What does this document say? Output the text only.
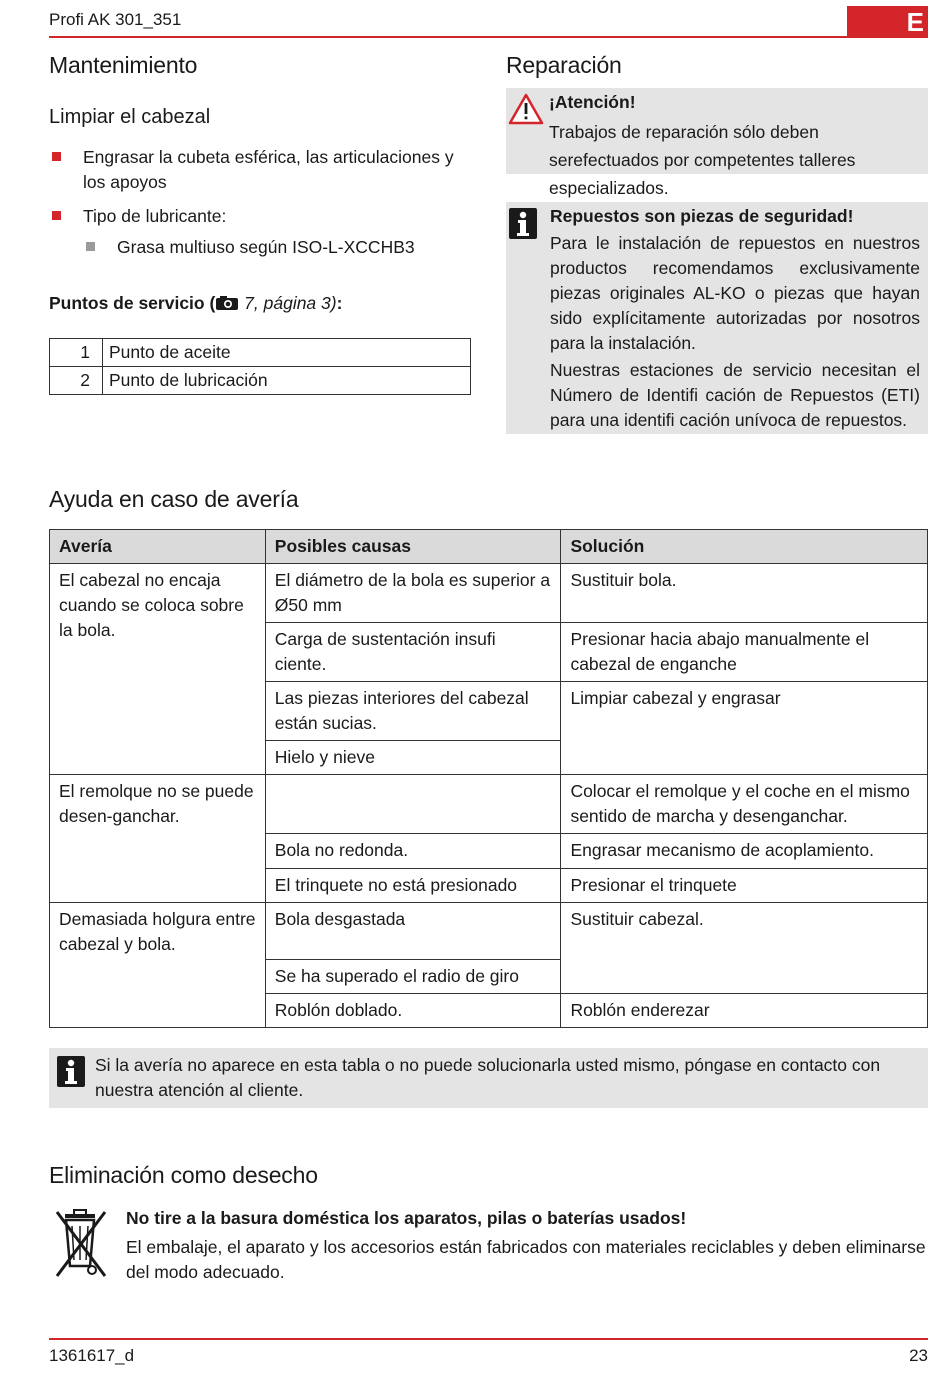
Profi AK 301_351	E
Mantenimiento
Limpiar el cabezal
Engrasar la cubeta esférica, las articulaciones y los apoyos
Tipo de lubricante:
Grasa multiuso según ISO-L-XCCHB3
Puntos de servicio ( 7, página 3):
1	Punto de aceite
2	Punto de lubricación
Reparación
¡Atención!
Trabajos de reparación sólo deben serefectuados por competentes talleres especializados.
Repuestos son piezas de seguridad!
Para le instalación de repuestos en nuestros productos recomendamos exclusivamente piezas originales AL-KO o piezas que hayan sido explícitamente autorizadas por nosotros para la instalación.
Nuestras estaciones de servicio necesitan el Número de Identifi cación de Repuestos (ETI) para una identifi cación unívoca de repuestos.
Ayuda en caso de avería
Avería	Posibles causas	Solución
El cabezal no encaja cuando se coloca sobre la bola.	El diámetro de la bola es superior a Ø50 mm	Sustituir bola.
	Carga de sustentación insufi ciente.	Presionar hacia abajo manualmente el cabezal de enganche
	Las piezas interiores del cabezal están sucias.	Limpiar cabezal y engrasar
	Hielo y nieve	
El remolque no se puede desen-ganchar.		Colocar el remolque y el coche en el mismo sentido de marcha y desenganchar.
	Bola no redonda.	Engrasar mecanismo de acoplamiento.
	El trinquete no está presionado	Presionar el trinquete
Demasiada holgura entre cabezal y bola.	Bola desgastada	Sustituir cabezal.
	Se ha superado el radio de giro	
	Roblón doblado.	Roblón enderezar
Si la avería no aparece en esta tabla o no puede solucionarla usted mismo, póngase en contacto con nuestra atención al cliente.
Eliminación como desecho
No tire a la basura doméstica los aparatos, pilas o baterías usados!
El embalaje, el aparato y los accesorios están fabricados con materiales reciclables y deben eliminarse del modo adecuado.
1361617_d	23
